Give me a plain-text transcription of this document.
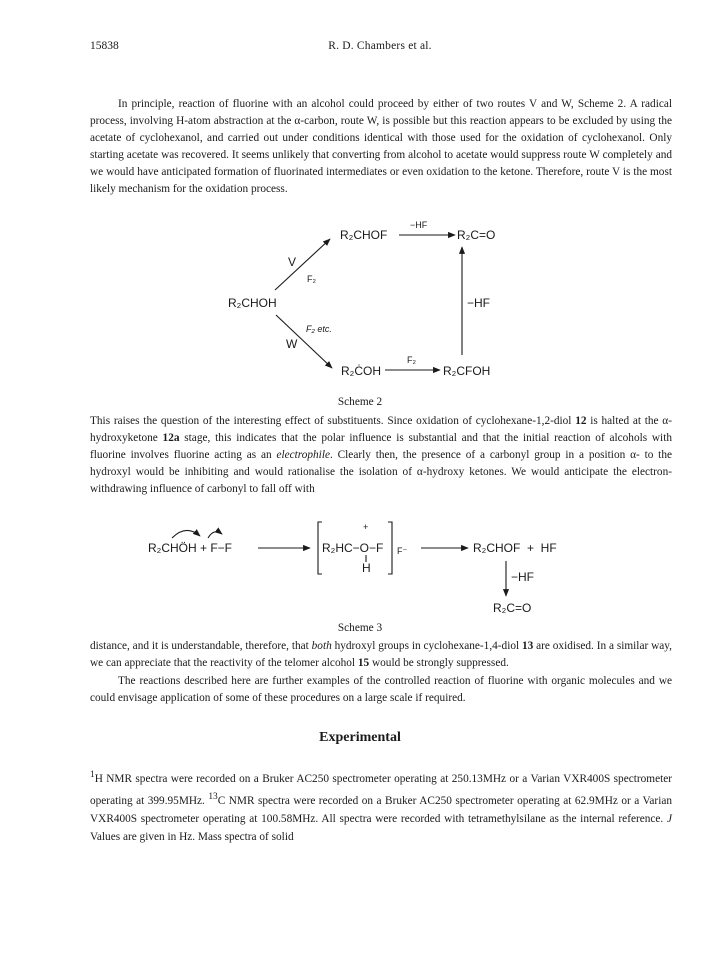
15838	R. D. Chambers et al.

In principle, reaction of fluorine with an alcohol could proceed by either of two routes V and W, Scheme 2. A radical process, involving H-atom abstraction at the α-carbon, route W, is possible but this reaction appears to be excluded by using the acetate of cyclohexanol, and carried out under conditions identical with those used for the oxidation of cyclohexanol. Only starting acetate was recovered. It seems unlikely that converting from alcohol to acetate would suppress route W completely and we would have anticipated formation of fluorinated intermediates or even oxidation to the ketone. Therefore, route V is the most likely mechanism for the oxidation process.

R₂CHOF
−HF
R₂C=O
V
F₂
R₂CHOH	−HF
F₂ etc.
W
R₂ĊOH
F₂
R₂CFOH
Scheme 2

This raises the question of the interesting effect of substituents. Since oxidation of cyclohexane-1,2-diol 12 is halted at the α-hydroxyketone 12a stage, this indicates that the polar influence is substantial and that the initial reaction of alcohols with fluorine involves fluorine acting as an electrophile. Clearly then, the presence of a carbonyl group in a position α- to the hydroxyl would be inhibiting and would rationalise the isolation of α-hydroxy ketones. We would anticipate the electron-withdrawing influence of carbonyl to fall off with

R₂CHÖH + F−F
+
R₂HC−O−F
H
F⁻	R₂CHOF  +  HF
−HF
R₂C=O
Scheme 3

distance, and it is understandable, therefore, that both hydroxyl groups in cyclohexane-1,4-diol 13 are oxidised. In a similar way, we can appreciate that the reactivity of the telomer alcohol 15 would be strongly suppressed.

The reactions described here are further examples of the controlled reaction of fluorine with organic molecules and we could envisage application of some of these procedures on a large scale if required.

Experimental

$^1$H NMR spectra were recorded on a Bruker AC250 spectrometer operating at 250.13MHz or a Varian VXR400S spectrometer operating at 399.95MHz. $^{13}$C NMR spectra were recorded on a Bruker AC250 spectrometer operating at 62.9MHz or a Varian VXR400S spectrometer operating at 100.58MHz. All spectra were recorded with tetramethylsilane as the internal reference. J Values are given in Hz. Mass spectra of solid
